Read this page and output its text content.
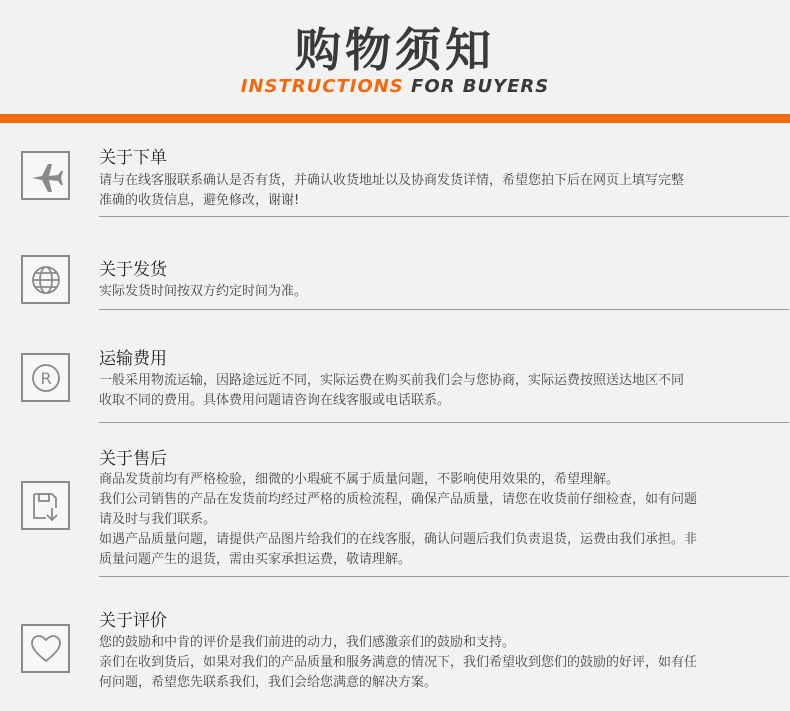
购物须知
INSTRUCTIONS FOR BUYERS
关于下单

请与在线客服联系确认是否有货，并确认收货地址以及协商发货详情，希望您拍下后在网页上填写完整

准确的收货信息，避免修改，谢谢!

关于发货

实际发货时间按双方约定时间为准。

R
运输费用

一般采用物流运输，因路途远近不同，实际运费在购买前我们会与您协商，实际运费按照送达地区不同

收取不同的费用。具体费用问题请咨询在线客服或电话联系。

关于售后

商品发货前均有严格检验，细微的小瑕疵不属于质量问题，不影响使用效果的，希望理解。

我们公司销售的产品在发货前均经过严格的质检流程，确保产品质量，请您在收货前仔细检查，如有问题

请及时与我们联系。

如遇产品质量问题，请提供产品图片给我们的在线客服，确认问题后我们负责退货，运费由我们承担。非

质量问题产生的退货，需由买家承担运费，敬请理解。

关于评价

您的鼓励和中肯的评价是我们前进的动力，我们感激亲们的鼓励和支持。

亲们在收到货后，如果对我们的产品质量和服务满意的情况下，我们希望收到您们的鼓励的好评，如有任

何问题，希望您先联系我们，我们会给您满意的解决方案。
